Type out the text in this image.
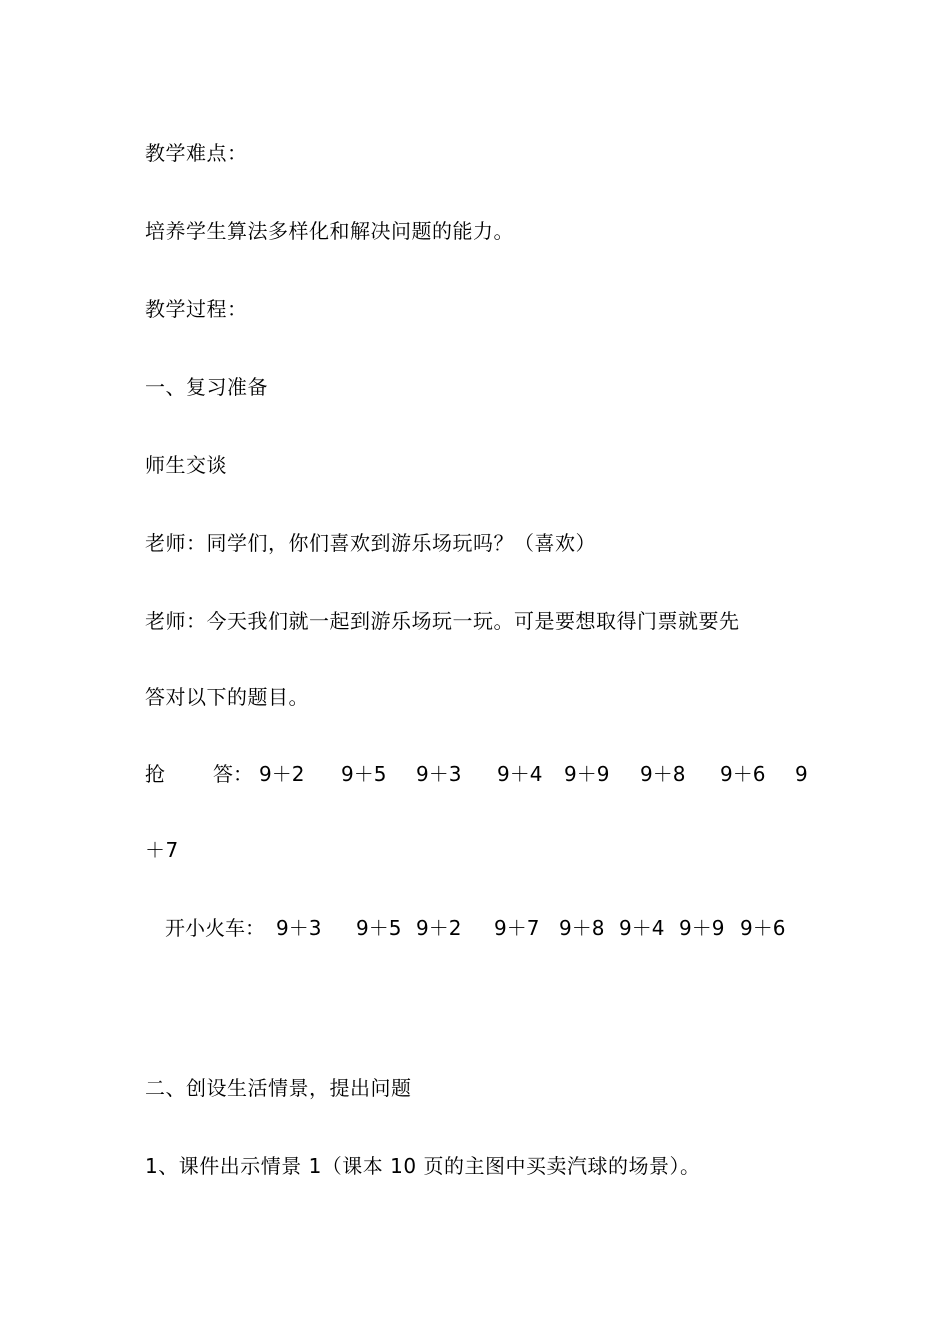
教学难点：
培养学生算法多样化和解决问题的能力。
教学过程：
一、复习准备
师生交谈
老师：同学们，你们喜欢到游乐场玩吗？（喜欢）
老师：今天我们就一起到游乐场玩一玩。可是要想取得门票就要先
答对以下的题目。
抢 答： 9＋2 9＋5 9＋3 9＋4 9＋9 9＋8 9＋6 9
＋7
开小火车： 9＋3 9＋5 9＋2 9＋7 9＋8 9＋4 9＋9 9＋6
二、创设生活情景，提出问题
1、课件出示情景 1（课本 10 页的主图中买卖汽球的场景）。
